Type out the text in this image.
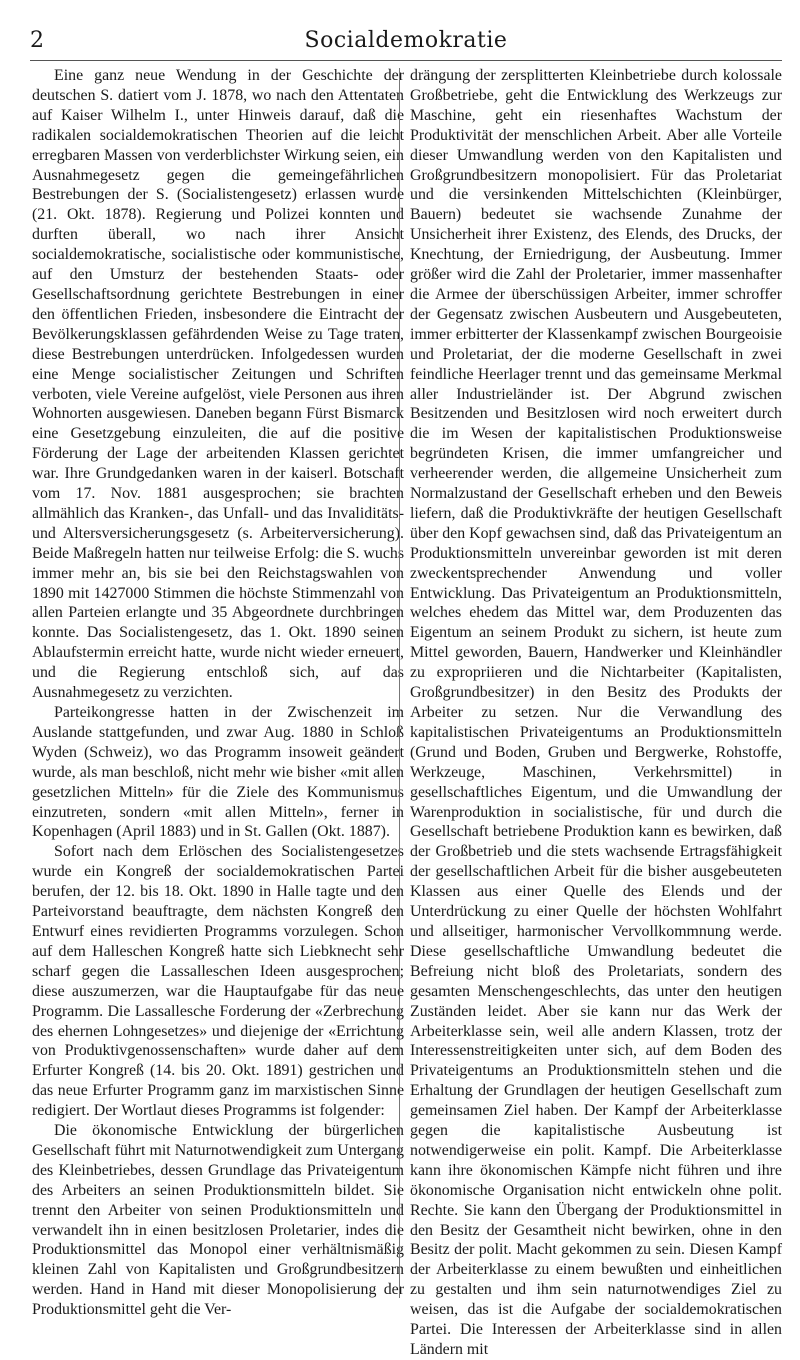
2	Socialdemokratie

Eine ganz neue Wendung in der Geschichte der deutschen S. datiert vom J. 1878, wo nach den Attentaten auf Kaiser Wilhelm I., unter Hinweis darauf, daß die radikalen socialdemokratischen Theorien auf die leicht erregbaren Massen von verderblichster Wirkung seien, ein Ausnahmegesetz gegen die gemeingefährlichen Bestrebungen der S. (Socialistengesetz) erlassen wurde (21. Okt. 1878). Regierung und Polizei konnten und durften überall, wo nach ihrer Ansicht socialdemokratische, socialistische oder kommunistische, auf den Umsturz der bestehenden Staats- oder Gesellschaftsordnung gerichtete Bestrebungen in einer den öffentlichen Frieden, insbesondere die Eintracht der Bevölkerungsklassen gefährdenden Weise zu Tage traten, diese Bestrebungen unterdrücken. Infolgedessen wurden eine Menge socialistischer Zeitungen und Schriften verboten, viele Vereine aufgelöst, viele Personen aus ihren Wohnorten ausgewiesen. Daneben begann Fürst Bismarck eine Gesetzgebung einzuleiten, die auf die positive Förderung der Lage der arbeitenden Klassen gerichtet war. Ihre Grundgedanken waren in der kaiserl. Botschaft vom 17. Nov. 1881 ausgesprochen; sie brachten allmählich das Kranken-, das Unfall- und das Invaliditäts- und Altersversicherungsgesetz (s. Arbeiterversicherung). Beide Maßregeln hatten nur teilweise Erfolg: die S. wuchs immer mehr an, bis sie bei den Reichstagswahlen von 1890 mit 1427000 Stimmen die höchste Stimmenzahl von allen Parteien erlangte und 35 Abgeordnete durchbringen konnte. Das Socialistengesetz, das 1. Okt. 1890 seinen Ablaufstermin erreicht hatte, wurde nicht wieder erneuert, und die Regierung entschloß sich, auf das Ausnahmegesetz zu verzichten.

Parteikongresse hatten in der Zwischenzeit im Auslande stattgefunden, und zwar Aug. 1880 in Schloß Wyden (Schweiz), wo das Programm insoweit geändert wurde, als man beschloß, nicht mehr wie bisher «mit allen gesetzlichen Mitteln» für die Ziele des Kommunismus einzutreten, sondern «mit allen Mitteln», ferner in Kopenhagen (April 1883) und in St. Gallen (Okt. 1887).

Sofort nach dem Erlöschen des Socialistengesetzes wurde ein Kongreß der socialdemokratischen Partei berufen, der 12. bis 18. Okt. 1890 in Halle tagte und den Parteivorstand beauftragte, dem nächsten Kongreß den Entwurf eines revidierten Programms vorzulegen. Schon auf dem Halleschen Kongreß hatte sich Liebknecht sehr scharf gegen die Lassalleschen Ideen ausgesprochen; diese auszumerzen, war die Hauptaufgabe für das neue Programm. Die Lassallesche Forderung der «Zerbrechung des ehernen Lohngesetzes» und diejenige der «Errichtung von Produktivgenossenschaften» wurde daher auf dem Erfurter Kongreß (14. bis 20. Okt. 1891) gestrichen und das neue Erfurter Programm ganz im marxistischen Sinne redigiert. Der Wortlaut dieses Programms ist folgender:

Die ökonomische Entwicklung der bürgerlichen Gesellschaft führt mit Naturnotwendigkeit zum Untergang des Kleinbetriebes, dessen Grundlage das Privateigentum des Arbeiters an seinen Produktionsmitteln bildet. Sie trennt den Arbeiter von seinen Produktionsmitteln und verwandelt ihn in einen besitzlosen Proletarier, indes die Produktionsmittel das Monopol einer verhältnismäßig kleinen Zahl von Kapitalisten und Großgrundbesitzern werden. Hand in Hand mit dieser Monopolisierung der Produktionsmittel geht die Ver-

drängung der zersplitterten Kleinbetriebe durch kolossale Großbetriebe, geht die Entwicklung des Werkzeugs zur Maschine, geht ein riesenhaftes Wachstum der Produktivität der menschlichen Arbeit. Aber alle Vorteile dieser Umwandlung werden von den Kapitalisten und Großgrundbesitzern monopolisiert. Für das Proletariat und die versinkenden Mittelschichten (Kleinbürger, Bauern) bedeutet sie wachsende Zunahme der Unsicherheit ihrer Existenz, des Elends, des Drucks, der Knechtung, der Erniedrigung, der Ausbeutung. Immer größer wird die Zahl der Proletarier, immer massenhafter die Armee der überschüssigen Arbeiter, immer schroffer der Gegensatz zwischen Ausbeutern und Ausgebeuteten, immer erbitterter der Klassenkampf zwischen Bourgeoisie und Proletariat, der die moderne Gesellschaft in zwei feindliche Heerlager trennt und das gemeinsame Merkmal aller Industrieländer ist. Der Abgrund zwischen Besitzenden und Besitzlosen wird noch erweitert durch die im Wesen der kapitalistischen Produktionsweise begründeten Krisen, die immer umfangreicher und verheerender werden, die allgemeine Unsicherheit zum Normalzustand der Gesellschaft erheben und den Beweis liefern, daß die Produktivkräfte der heutigen Gesellschaft über den Kopf gewachsen sind, daß das Privateigentum an Produktionsmitteln unvereinbar geworden ist mit deren zweckentsprechender Anwendung und voller Entwicklung. Das Privateigentum an Produktionsmitteln, welches ehedem das Mittel war, dem Produzenten das Eigentum an seinem Produkt zu sichern, ist heute zum Mittel geworden, Bauern, Handwerker und Kleinhändler zu expropriieren und die Nichtarbeiter (Kapitalisten, Großgrundbesitzer) in den Besitz des Produkts der Arbeiter zu setzen. Nur die Verwandlung des kapitalistischen Privateigentums an Produktionsmitteln (Grund und Boden, Gruben und Bergwerke, Rohstoffe, Werkzeuge, Maschinen, Verkehrsmittel) in gesellschaftliches Eigentum, und die Umwandlung der Warenproduktion in socialistische, für und durch die Gesellschaft betriebene Produktion kann es bewirken, daß der Großbetrieb und die stets wachsende Ertragsfähigkeit der gesellschaftlichen Arbeit für die bisher ausgebeuteten Klassen aus einer Quelle des Elends und der Unterdrückung zu einer Quelle der höchsten Wohlfahrt und allseitiger, harmonischer Vervollkommnung werde. Diese gesellschaftliche Umwandlung bedeutet die Befreiung nicht bloß des Proletariats, sondern des gesamten Menschengeschlechts, das unter den heutigen Zuständen leidet. Aber sie kann nur das Werk der Arbeiterklasse sein, weil alle andern Klassen, trotz der Interessenstreitigkeiten unter sich, auf dem Boden des Privateigentums an Produktionsmitteln stehen und die Erhaltung der Grundlagen der heutigen Gesellschaft zum gemeinsamen Ziel haben. Der Kampf der Arbeiterklasse gegen die kapitalistische Ausbeutung ist notwendigerweise ein polit. Kampf. Die Arbeiterklasse kann ihre ökonomischen Kämpfe nicht führen und ihre ökonomische Organisation nicht entwickeln ohne polit. Rechte. Sie kann den Übergang der Produktionsmittel in den Besitz der Gesamtheit nicht bewirken, ohne in den Besitz der polit. Macht gekommen zu sein. Diesen Kampf der Arbeiterklasse zu einem bewußten und einheitlichen zu gestalten und ihm sein naturnotwendiges Ziel zu weisen, das ist die Aufgabe der socialdemokratischen Partei. Die Interessen der Arbeiterklasse sind in allen Ländern mit
